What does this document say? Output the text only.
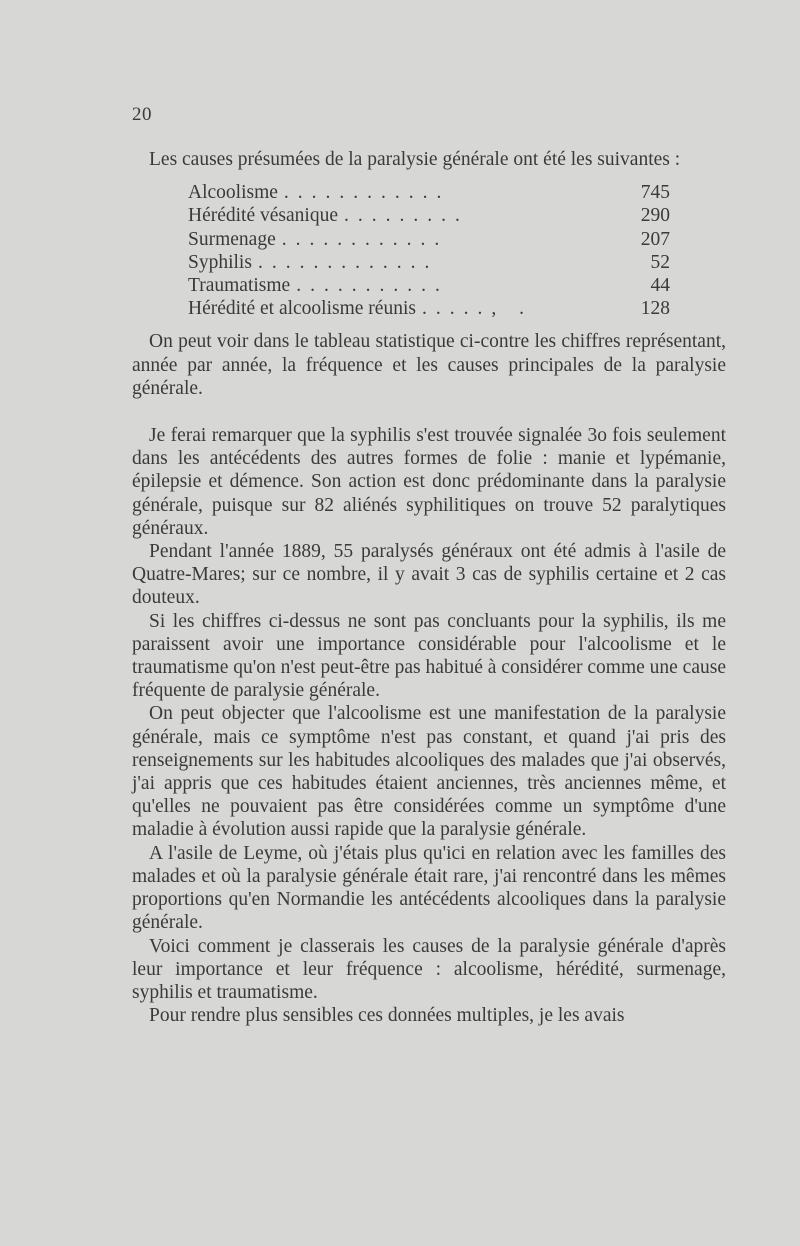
20

Les causes présumées de la paralysie générale ont été les suivantes :

Alcoolisme ............	745
Hérédité vésanique .........	290
Surmenage ............	207
Syphilis .............	52
Traumatisme ...........	44
Hérédité et alcoolisme réunis ....., .	128

On peut voir dans le tableau statistique ci-contre les chiffres représentant, année par année, la fréquence et les causes principales de la paralysie générale.

Je ferai remarquer que la syphilis s'est trouvée signalée 3o fois seulement dans les antécédents des autres formes de folie : manie et lypémanie, épilepsie et démence. Son action est donc prédominante dans la paralysie générale, puisque sur 82 aliénés syphilitiques on trouve 52 paralytiques généraux.

Pendant l'année 1889, 55 paralysés généraux ont été admis à l'asile de Quatre-Mares; sur ce nombre, il y avait 3 cas de syphilis certaine et 2 cas douteux.

Si les chiffres ci-dessus ne sont pas concluants pour la syphilis, ils me paraissent avoir une importance considérable pour l'alcoolisme et le traumatisme qu'on n'est peut-être pas habitué à considérer comme une cause fréquente de paralysie générale.

On peut objecter que l'alcoolisme est une manifestation de la paralysie générale, mais ce symptôme n'est pas constant, et quand j'ai pris des renseignements sur les habitudes alcooliques des malades que j'ai observés, j'ai appris que ces habitudes étaient anciennes, très anciennes même, et qu'elles ne pouvaient pas être considérées comme un symptôme d'une maladie à évolution aussi rapide que la paralysie générale.

A l'asile de Leyme, où j'étais plus qu'ici en relation avec les familles des malades et où la paralysie générale était rare, j'ai rencontré dans les mêmes proportions qu'en Normandie les antécédents alcooliques dans la paralysie générale.

Voici comment je classerais les causes de la paralysie générale d'après leur importance et leur fréquence : alcoolisme, hérédité, surmenage, syphilis et traumatisme.

Pour rendre plus sensibles ces données multiples, je les avais
